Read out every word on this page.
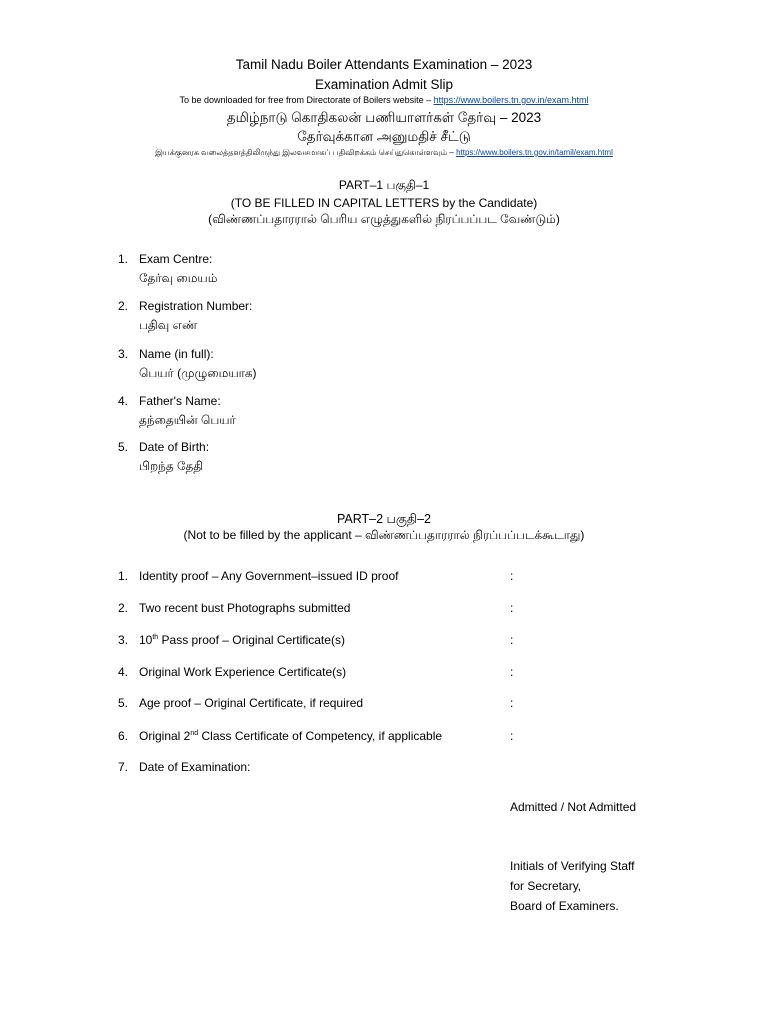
Tamil Nadu Boiler Attendants Examination – 2023
Examination Admit Slip
To be downloaded for free from Directorate of Boilers website – https://www.boilers.tn.gov.in/exam.html
தமிழ்நாடு கொதிகலன் பணியாளர்கள் தேர்வு – 2023
தேர்வுக்கான அனுமதிச் சீட்டு
இயக்குனரக வலைத்தளத்திலிருந்து இலவசமாகப் பதிவிறக்கம் செய்துகொள்ளவும் – https://www.boilers.tn.gov.in/tamil/exam.html
PART–1 பகுதி–1
(TO BE FILLED IN CAPITAL LETTERS by the Candidate)
(விண்ணப்பதாரரால் பெரிய எழுத்துகளில் நிரப்பப்பட வேண்டும்)
1. Exam Centre:
தேர்வு மையம்
2. Registration Number:
பதிவு எண்
3. Name (in full):
பெயர் (முழுமையாக)
4. Father's Name:
தந்தையின் பெயர்
5. Date of Birth:
பிறந்த தேதி
PART–2 பகுதி–2
(Not to be filled by the applicant – விண்ணப்பதாரரால் நிரப்பப்படக்கூடாது)
1. Identity proof – Any Government–issued ID proof	:
2. Two recent bust Photographs submitted	:
3. 10th Pass proof – Original Certificate(s)	:
4. Original Work Experience Certificate(s)	:
5. Age proof – Original Certificate, if required	:
6. Original 2nd Class Certificate of Competency, if applicable	:
7. Date of Examination:
Admitted / Not Admitted
Initials of Verifying Staff
for Secretary,
Board of Examiners.
